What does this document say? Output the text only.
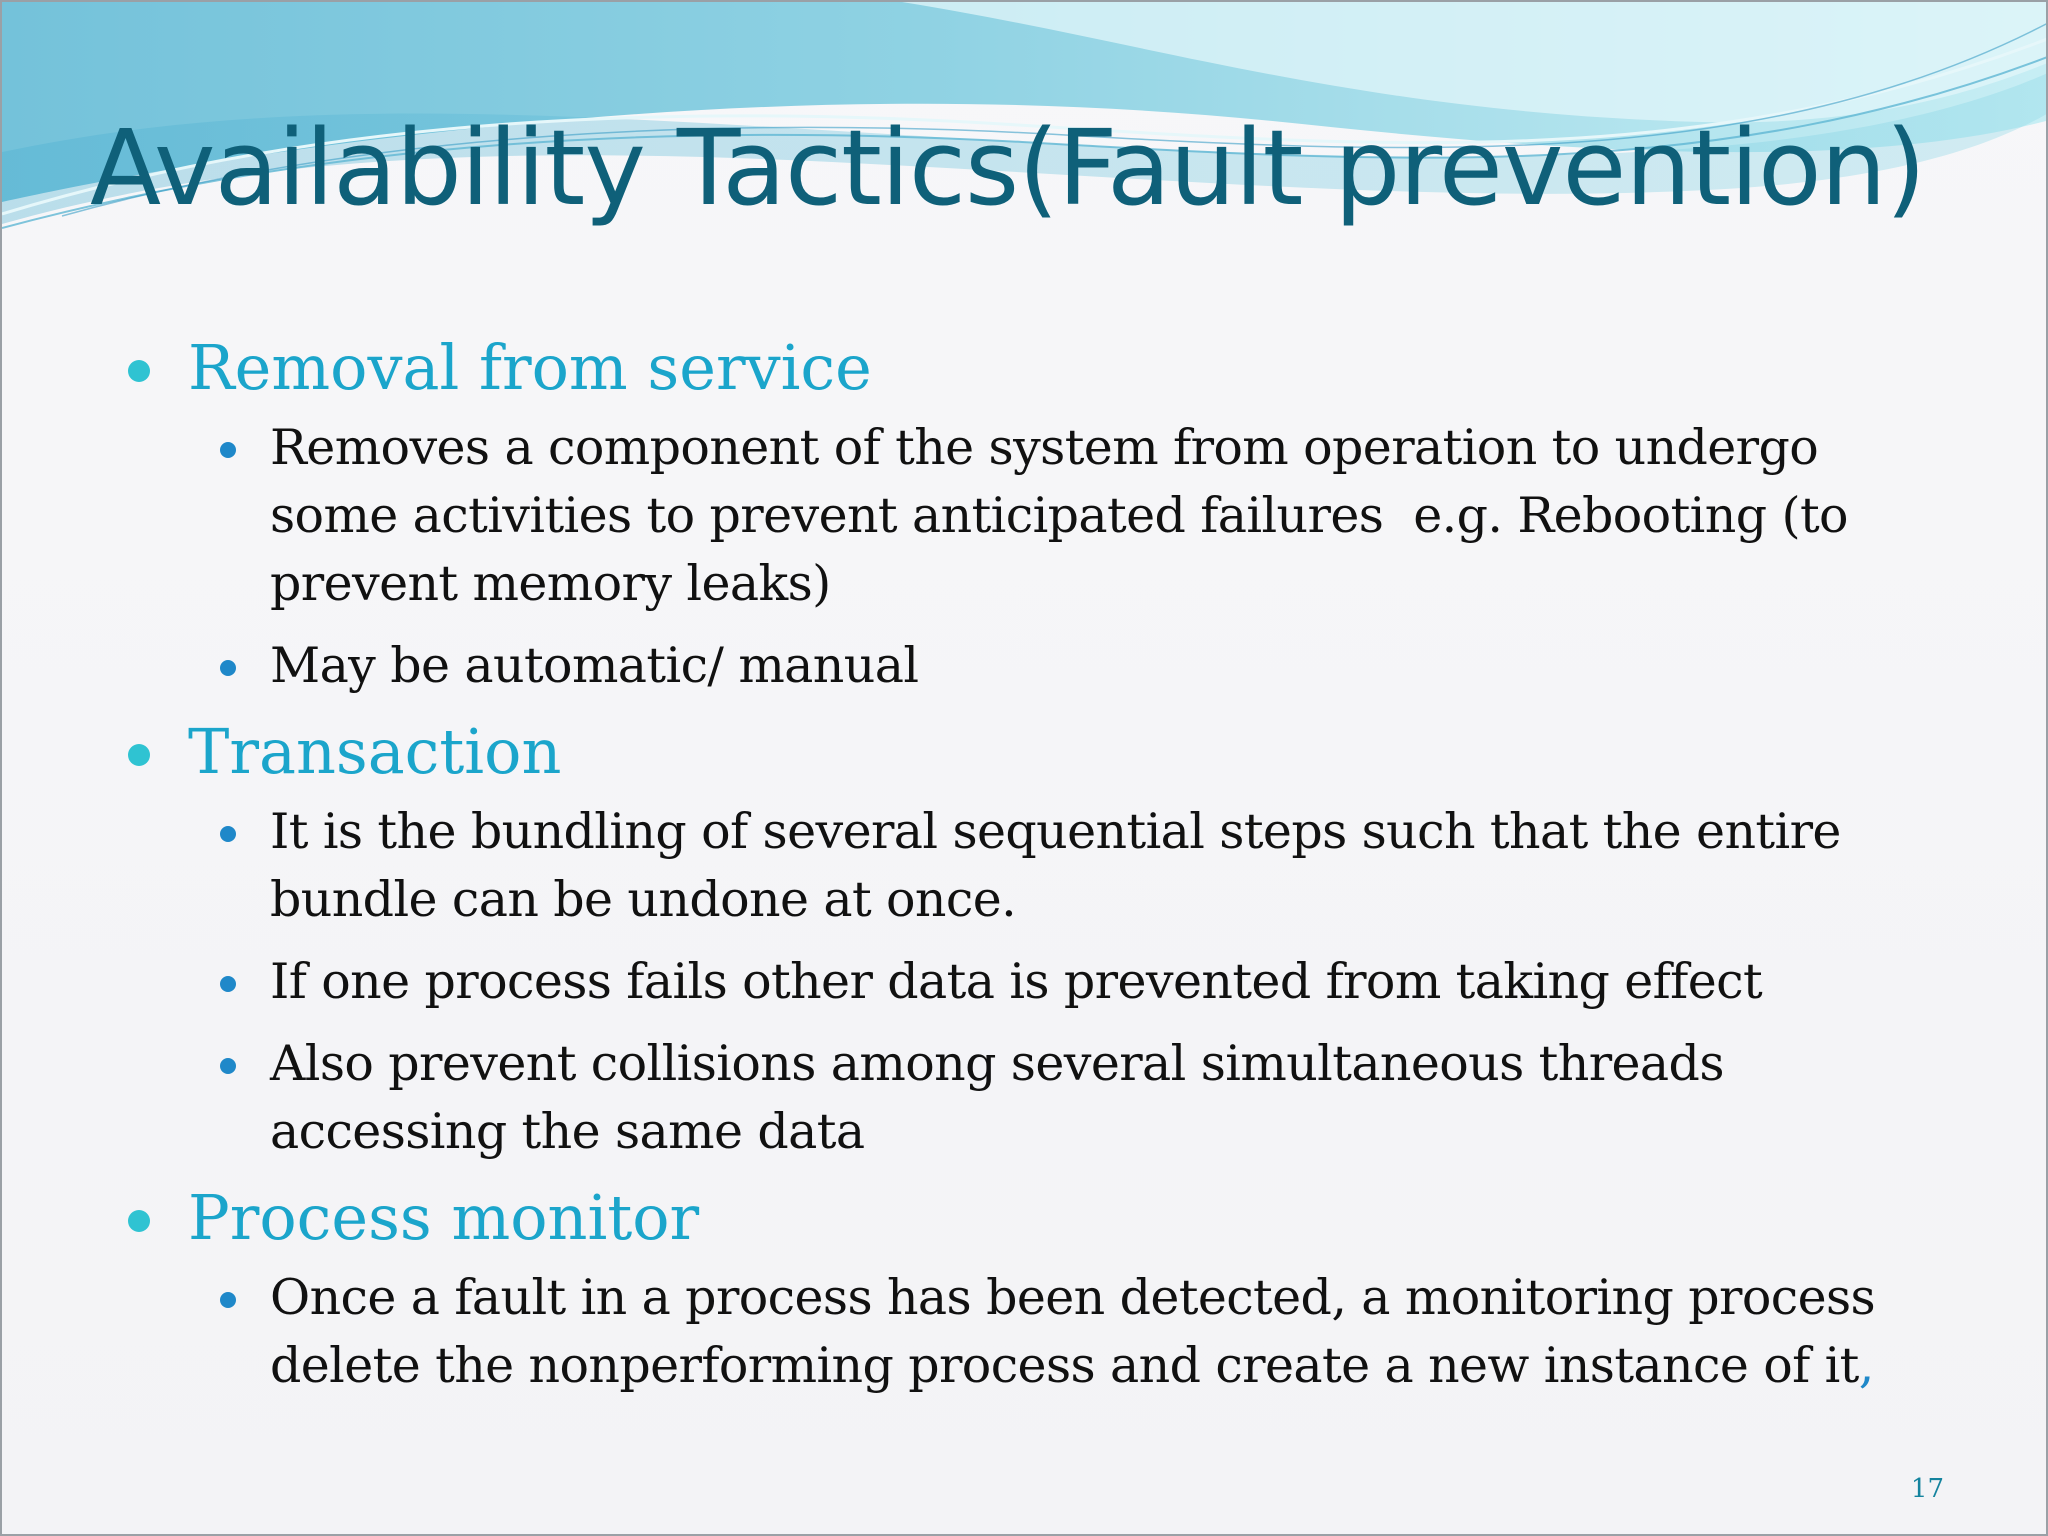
Availability Tactics(Fault prevention)
Removal from service
Removes a component of the system from operation to undergo
some activities to prevent anticipated failures  e.g. Rebooting (to
prevent memory leaks)
May be automatic/ manual
Transaction
It is the bundling of several sequential steps such that the entire
bundle can be undone at once.
If one process fails other data is prevented from taking effect
Also prevent collisions among several simultaneous threads
accessing the same data
Process monitor
Once a fault in a process has been detected, a monitoring process
delete the nonperforming process and create a new instance of it,
17
